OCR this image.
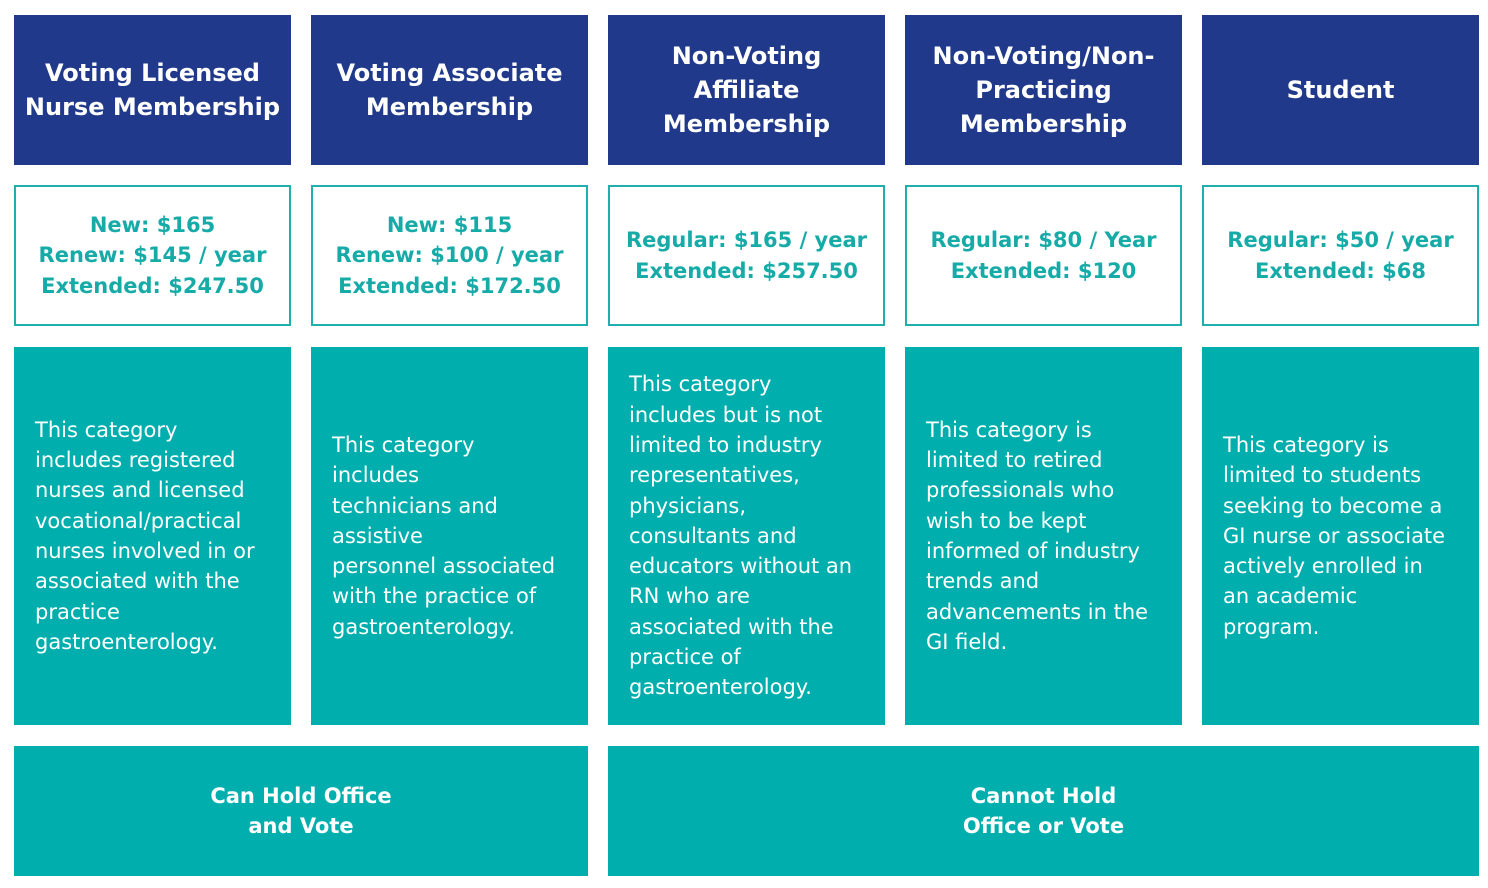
Voting Licensed
Nurse Membership
New: $165
Renew: $145 / year
Extended: $247.50
This category
includes registered
nurses and licensed
vocational/practical
nurses involved in or
associated with the
practice
gastroenterology.
Voting Associate
Membership
New: $115
Renew: $100 / year
Extended: $172.50
This category
includes
technicians and
assistive
personnel associated
with the practice of
gastroenterology.
Non-Voting
Affiliate
Membership
Regular: $165 / year
Extended: $257.50
This category
includes but is not
limited to industry
representatives,
physicians,
consultants and
educators without an
RN who are
associated with the
practice of
gastroenterology.
Non-Voting/Non-
Practicing
Membership
Regular: $80 / Year
Extended: $120
This category is
limited to retired
professionals who
wish to be kept
informed of industry
trends and
advancements in the
GI field.
Student
Regular: $50 / year
Extended: $68
This category is
limited to students
seeking to become a
GI nurse or associate
actively enrolled in
an academic
program.
Can Hold Office
and Vote
Cannot Hold
Office or Vote
